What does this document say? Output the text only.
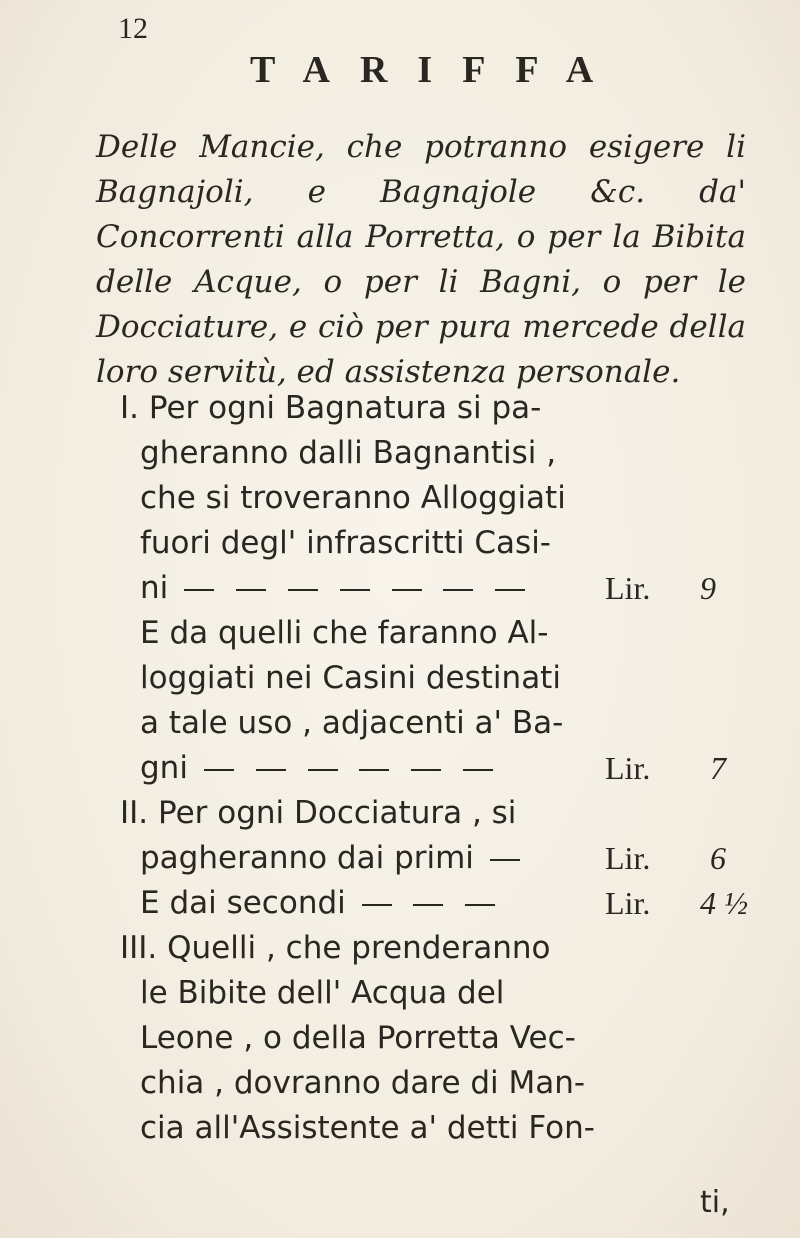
12
TARIFFA
Delle Mancie, che potranno esigere li Bagnajoli, e Bagnajole &c. da' Concorrenti alla Porretta, o per la Bibita delle Acque, o per li Bagni, o per le Docciature, e ciò per pura mercede della loro servitù, ed assistenza personale.
I. Per ogni Bagnatura si pa-
gheranno dalli Bagnantisi ,
che si troveranno Alloggiati
fuori degl' infrascritti Casi-
ni	Lir. 9
E da quelli che faranno Al-
loggiati nei Casini destinati
a tale uso , adjacenti a' Ba-
gni	Lir. 7
II. Per ogni Docciatura , si
pagheranno dai primi	Lir. 6
E dai secondi	Lir. 4 ½
III. Quelli , che prenderanno
le Bibite dell' Acqua del
Leone , o della Porretta Vec-
chia , dovranno dare di Man-
cia all'Assistente a' detti Fon-
ti,
